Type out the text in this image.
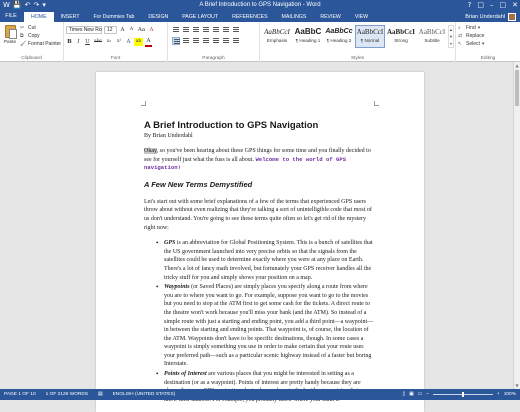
W 💾 ↶ ↷ ▾	A Brief Introduction to GPS Navigation - Word	? □ – □ ✕
FILE	HOME	INSERT	For Dummies Tab	DESIGN	PAGE LAYOUT	REFERENCES	MAILINGS	REVIEW	VIEW	Brian Underdahl
Paste
✂ Cut
⧉ Copy
🖌 Format Painter
Clipboard	Font
Times New Ro	12	A	A Aa A
B	I	U abc	x₂	x² A	ab A
Paragraph	Styles
AaBbCcI
Emphasis
AaBbC
¶ Heading 1
AaBbCc
¶ Heading 2
AaBbCcI
¶ Normal
AaBbCcI
Strong
AaBbCcI
Subtitle
▲
▼
▾
Editing
⌕	Find ▾
⇄ Replace
↖ Select ▾
A Brief Introduction to GPS Navigation
By Brian Underdahl

Okay, so you've been hearing about these GPS things for some time and you finally decided to see for yourself just what the fuss is all about. Welcome to the world of GPS navigation!

A Few New Terms Demystified

Let's start out with some brief explanations of a few of the terms that experienced GPS users throw about without even realizing that they're talking a sort of unintelligible code that most of us don't understand. You're going to see these terms quite often so let's get rid of the mystery right now:

• GPS is an abbreviation for Global Positioning System. This is a bunch of satellites that the US government launched into very precise orbits so that the signals from the satellites could be used to determine exactly where you were at any place on Earth. There's a lot of fancy math involved, but fortunately your GPS receiver handles all the tricky stuff for you and simply shows your position on a map.
• Waypoints (or Saved Places) are simply places you specify along a route from where you are to where you want to go. For example, suppose you want to go to the movies but you need to stop at the ATM first to get some cash for the tickets. A direct route to the theatre won't work because you'll miss your bank (and the ATM). So instead of a simple route with just a starting and ending point, you add a third point—a waypoint—in between the starting and ending points. That waypoint is, of course, the location of the ATM. Waypoints don't have to be specific destinations, though. In some cases a waypoint is simply something you use in order to make certain that your route uses your preferred path—such as a particular scenic highway instead of a faster but boring Interstate.
• Points of Interest are various places that you might be interested in setting as a destination (or as a waypoint). Points of interest are pretty handy because they are
▲
▼
PAGE 1 OF 10 1 OF 2126 WORDS ▤ ENGLISH (UNITED STATES)	▯ ▣ ▭ –	+ 100%
